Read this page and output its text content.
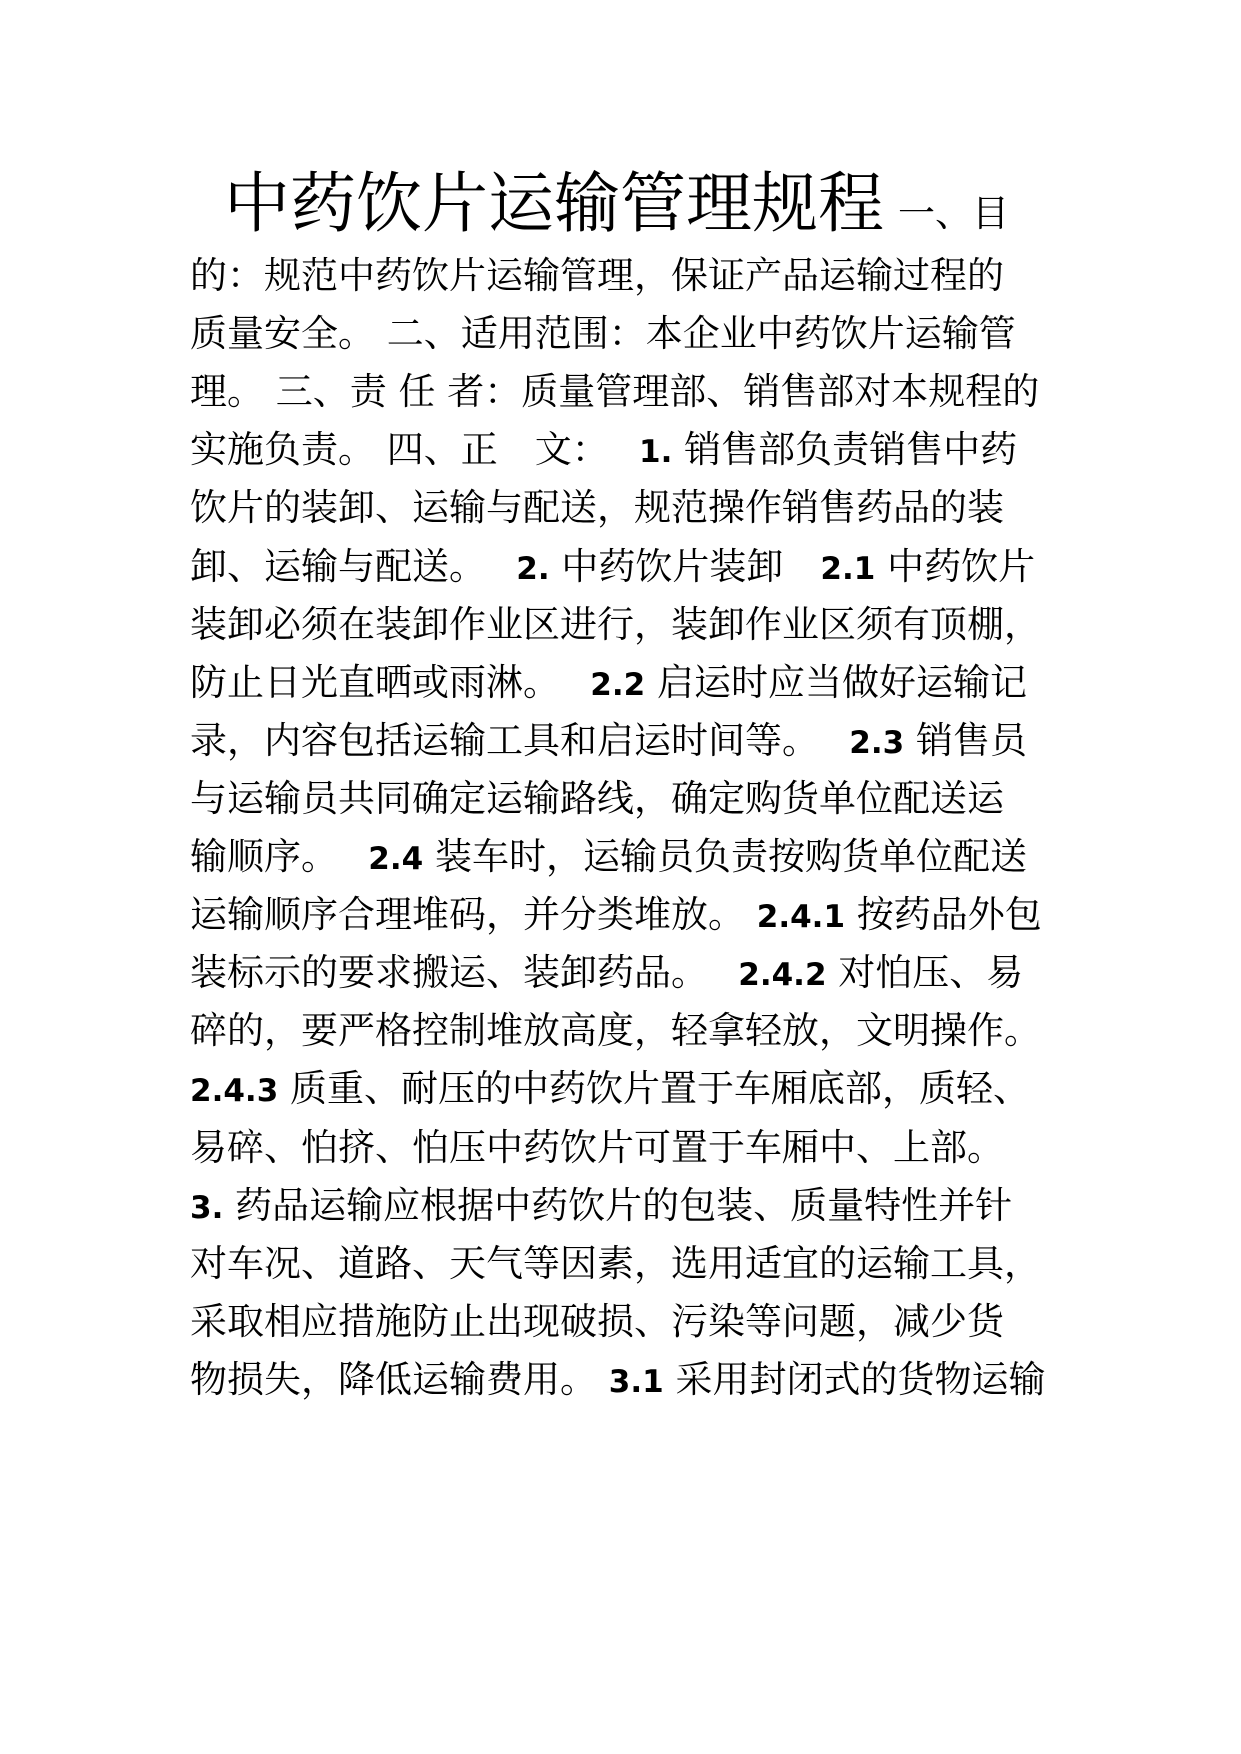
中药饮片运输管理规程 一、目
的：规范中药饮片运输管理，保证产品运输过程的
质量安全。 二、适用范围：本企业中药饮片运输管
理。 三、责 任 者：质量管理部、销售部对本规程的
实施负责。 四、正　文：　 1. 销售部负责销售中药
饮片的装卸、运输与配送，规范操作销售药品的装
卸、运输与配送。　 2. 中药饮片装卸　2.1 中药饮片
装卸必须在装卸作业区进行，装卸作业区须有顶棚，
防止日光直晒或雨淋。　 2.2 启运时应当做好运输记
录，内容包括运输工具和启运时间等。　 2.3 销售员
与运输员共同确定运输路线，确定购货单位配送运
输顺序。　 2.4 装车时，运输员负责按购货单位配送
运输顺序合理堆码，并分类堆放。 2.4.1 按药品外包
装标示的要求搬运、装卸药品。　 2.4.2 对怕压、易
碎的，要严格控制堆放高度，轻拿轻放，文明操作。
2.4.3 质重、耐压的中药饮片置于车厢底部，质轻、
易碎、怕挤、怕压中药饮片可置于车厢中、上部。
3. 药品运输应根据中药饮片的包装、质量特性并针
对车况、道路、天气等因素，选用适宜的运输工具，
采取相应措施防止出现破损、污染等问题，减少货
物损失，降低运输费用。 3.1 采用封闭式的货物运输
